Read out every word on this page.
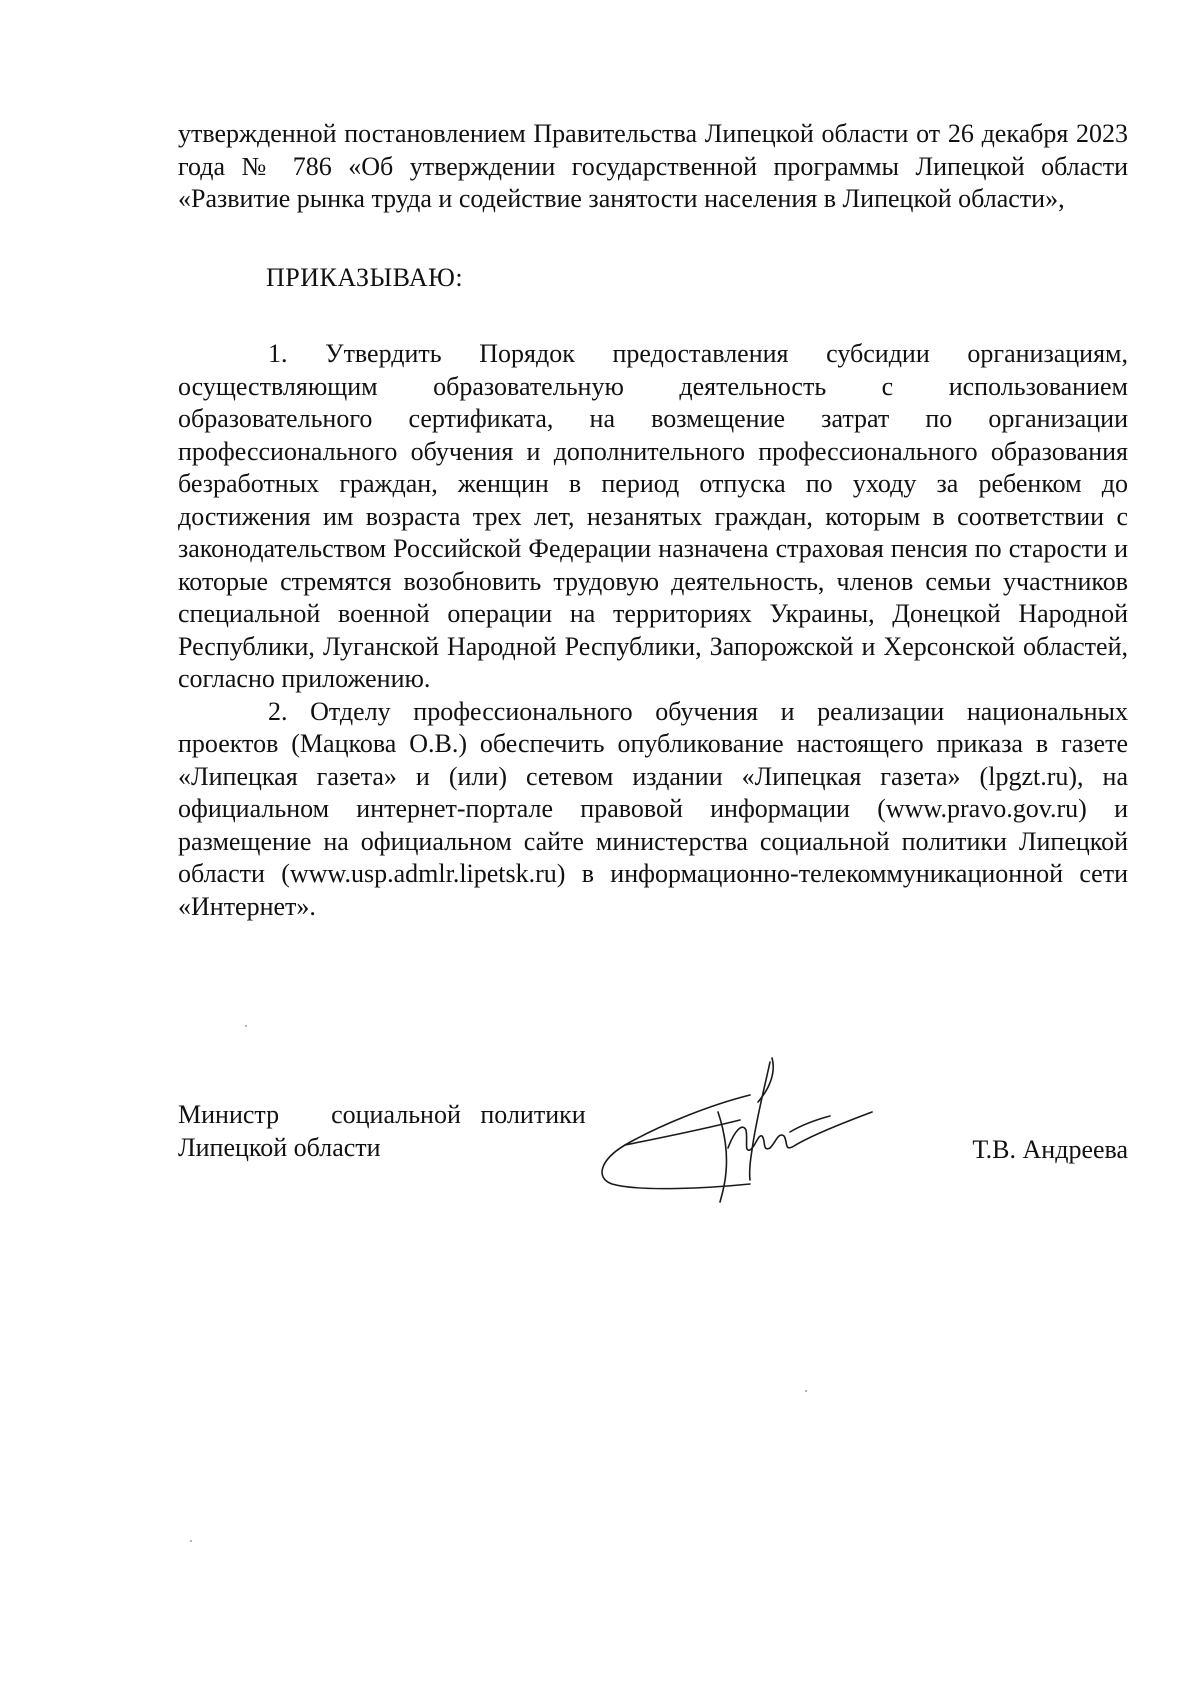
утвержденной постановлением Правительства Липецкой области от 26 декабря 2023 года № 786 «Об утверждении государственной программы Липецкой области «Развитие рынка труда и содействие занятости населения в Липецкой области»,

ПРИКАЗЫВАЮ:

1. Утвердить Порядок предоставления субсидии организациям, осуществляющим образовательную деятельность с использованием образовательного сертификата, на возмещение затрат по организации профессионального обучения и дополнительного профессионального образования безработных граждан, женщин в период отпуска по уходу за ребенком до достижения им возраста трех лет, незанятых граждан, которым в соответствии с законодательством Российской Федерации назначена страховая пенсия по старости и которые стремятся возобновить трудовую деятельность, членов семьи участников специальной военной операции на территориях Украины, Донецкой Народной Республики, Луганской Народной Республики, Запорожской и Херсонской областей, согласно приложению.

2. Отделу профессионального обучения и реализации национальных проектов (Мацкова О.В.) обеспечить опубликование настоящего приказа в газете «Липецкая газета» и (или) сетевом издании «Липецкая газета» (lpgzt.ru), на официальном интернет-портале правовой информации (www.pravo.gov.ru) и размещение на официальном сайте министерства социальной политики Липецкой области (www.usp.admlr.lipetsk.ru) в информационно-телекоммуникационной сети «Интернет».

Министр        социальной   политики
Липецкой области	Т.В. Андреева
